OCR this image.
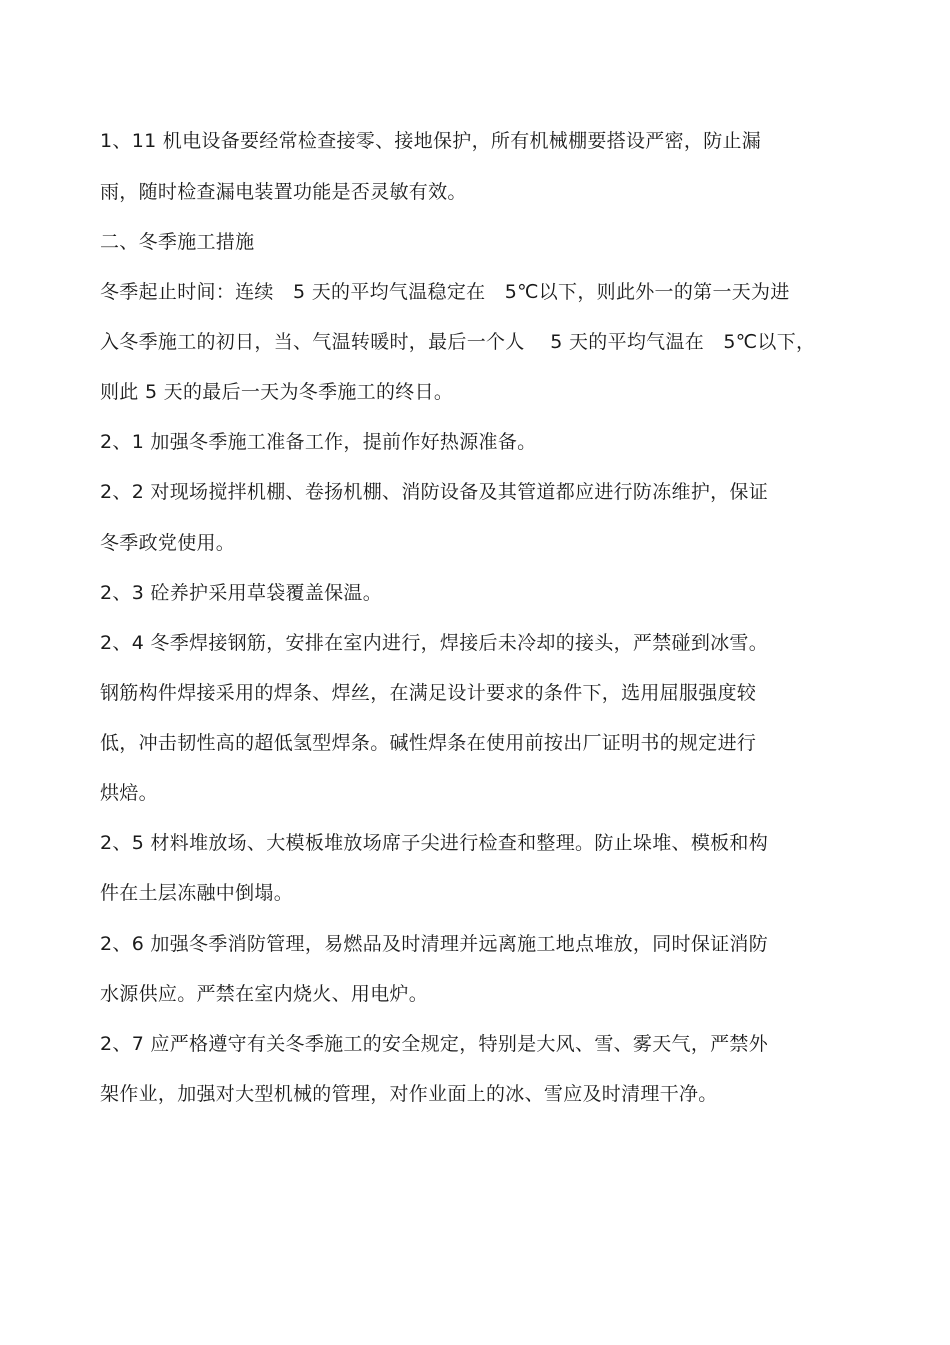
1、11 机电设备要经常检查接零、接地保护，所有机械棚要搭设严密，防止漏
雨，随时检查漏电装置功能是否灵敏有效。
二、冬季施工措施
冬季起止时间：连续　5 天的平均气温稳定在　5℃以下，则此外一的第一天为进
入冬季施工的初日，当、气温转暖时，最后一个人　 5 天的平均气温在　5℃以下，
则此 5 天的最后一天为冬季施工的终日。
2、1 加强冬季施工准备工作，提前作好热源准备。
2、2 对现场搅拌机棚、卷扬机棚、消防设备及其管道都应进行防冻维护，保证
冬季政党使用。
2、3 砼养护采用草袋覆盖保温。
2、4 冬季焊接钢筋，安排在室内进行，焊接后未冷却的接头，严禁碰到冰雪。
钢筋构件焊接采用的焊条、焊丝，在满足设计要求的条件下，选用屈服强度较
低，冲击韧性高的超低氢型焊条。碱性焊条在使用前按出厂证明书的规定进行
烘焙。
2、5 材料堆放场、大模板堆放场席子尖进行检查和整理。防止垛堆、模板和构
件在土层冻融中倒塌。
2、6 加强冬季消防管理，易燃品及时清理并远离施工地点堆放，同时保证消防
水源供应。严禁在室内烧火、用电炉。
2、7 应严格遵守有关冬季施工的安全规定，特别是大风、雪、雾天气，严禁外
架作业，加强对大型机械的管理，对作业面上的冰、雪应及时清理干净。
